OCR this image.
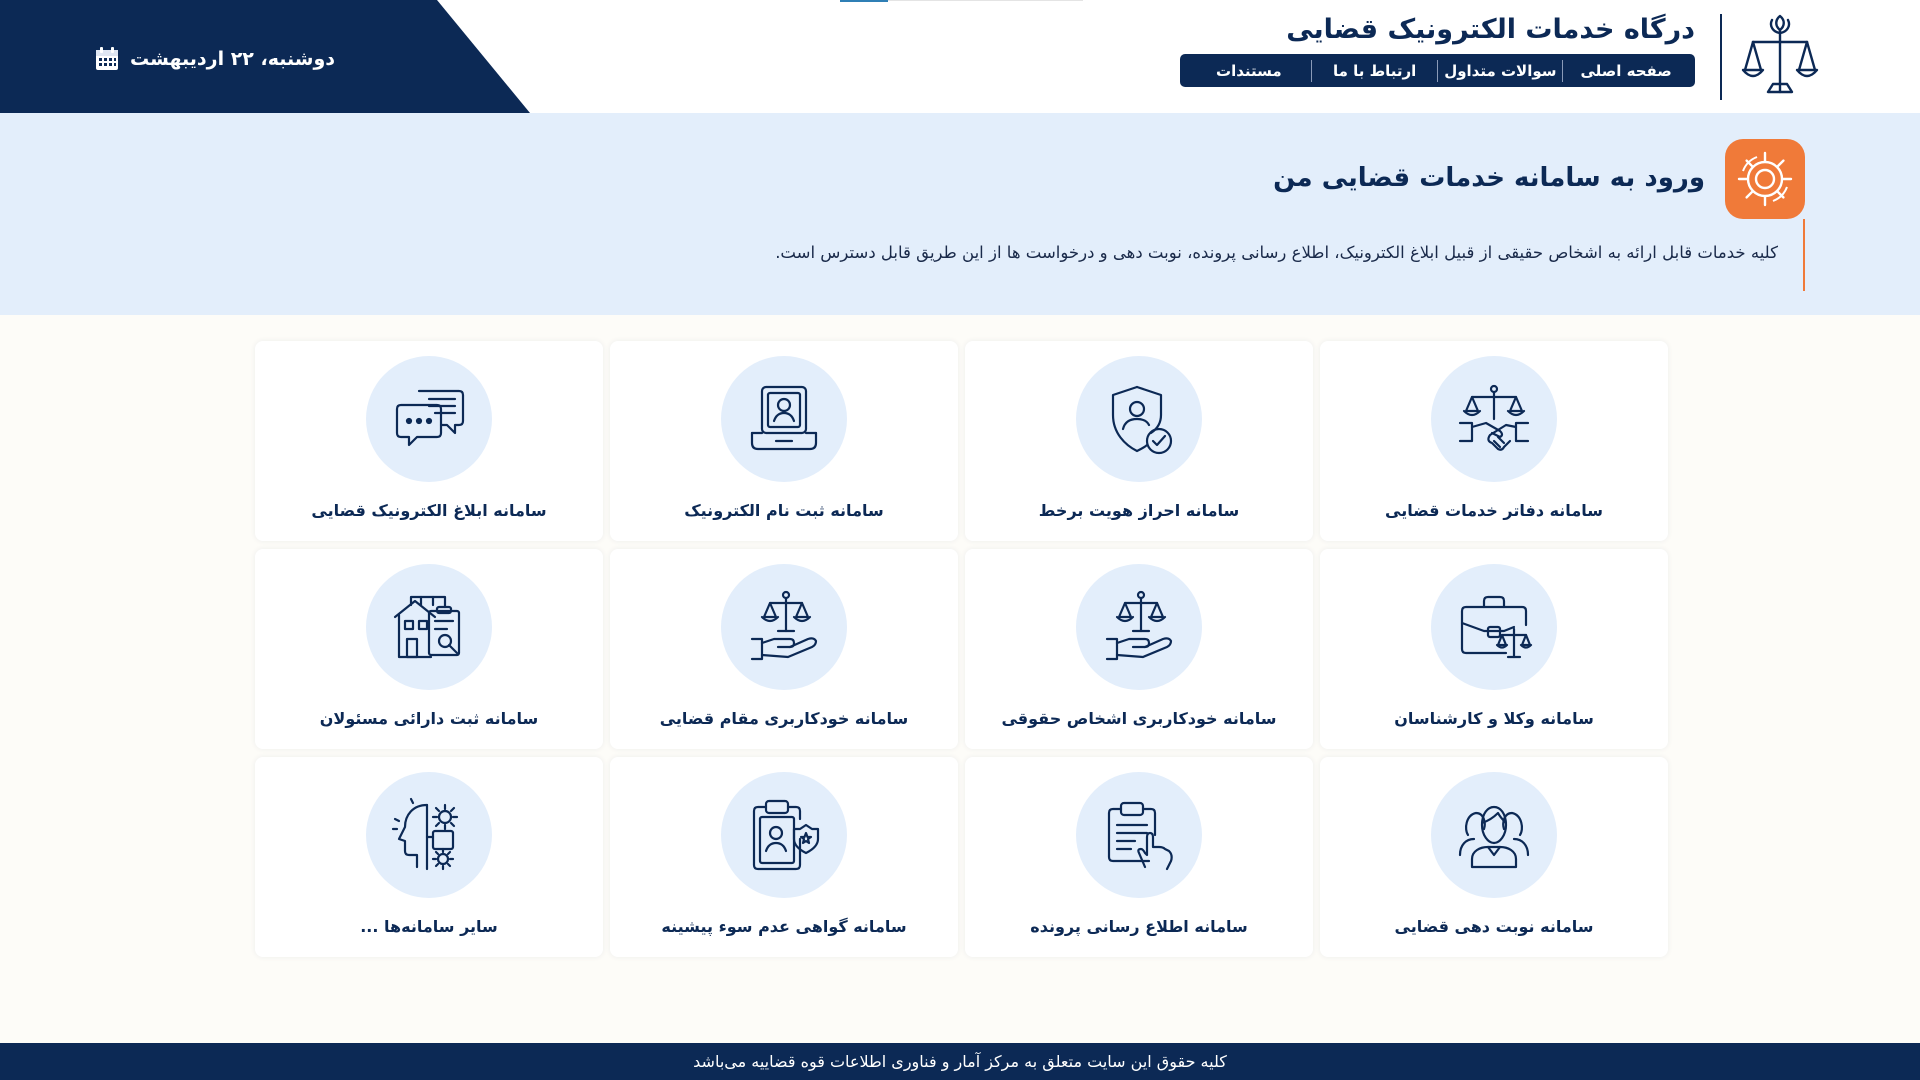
دوشنبه، ۲۲ اردیبهشت
درگاه خدمات الکترونیک قضایی
صفحه اصلی
سوالات متداول
ارتباط با ما
مستندات
ورود به سامانه خدمات قضایی من

کلیه خدمات قابل ارائه به اشخاص حقیقی از قبیل ابلاغ الکترونیک، اطلاع رسانی پرونده، نوبت دهی و درخواست ها از این طریق قابل دسترس است.

سامانه دفاتر خدمات قضایی
سامانه احراز هویت برخط
سامانه ثبت نام الکترونیک
سامانه ابلاغ الکترونیک قضایی
سامانه وکلا و کارشناسان
سامانه خودکاربری اشخاص حقوقی
سامانه خودکاربری مقام قضایی
سامانه ثبت دارائی مسئولان
سامانه نوبت دهی قضایی
سامانه اطلاع رسانی پرونده
سامانه گواهی عدم سوء پیشینه
سایر سامانه‌ها ...
کلیه حقوق این سایت متعلق به مرکز آمار و فناوری اطلاعات قوه قضاییه می‌باشد
